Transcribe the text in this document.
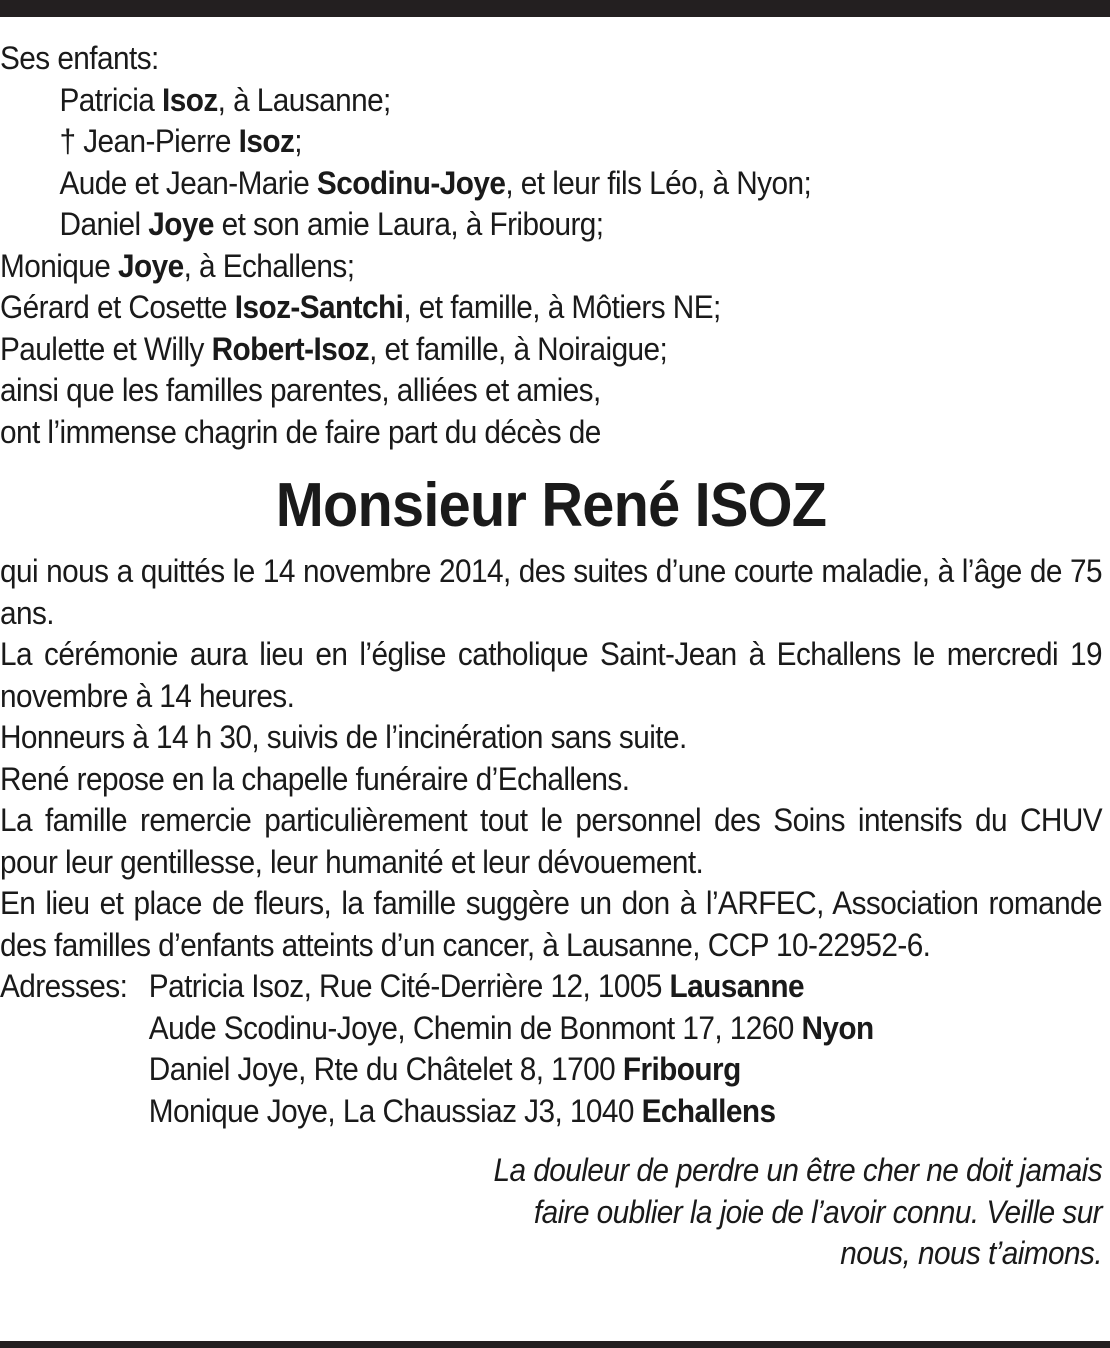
Ses enfants:
Patricia Isoz, à Lausanne;
† Jean-Pierre Isoz;
Aude et Jean-Marie Scodinu-Joye, et leur fils Léo, à Nyon;
Daniel Joye et son amie Laura, à Fribourg;
Monique Joye, à Echallens;
Gérard et Cosette Isoz-Santchi, et famille, à Môtiers NE;
Paulette et Willy Robert-Isoz, et famille, à Noiraigue;
ainsi que les familles parentes, alliées et amies,
ont l’immense chagrin de faire part du décès de
Monsieur René ISOZ
qui nous a quittés le 14 novembre 2014, des suites d’une courte maladie, à l’âge de 75 ans.
La cérémonie aura lieu en l’église catholique Saint-Jean à Echallens le mercredi 19 novembre à 14 heures.
Honneurs à 14 h 30, suivis de l’incinération sans suite.
René repose en la chapelle funéraire d’Echallens.
La famille remercie particulièrement tout le personnel des Soins intensifs du CHUV pour leur gentillesse, leur humanité et leur dévouement.
En lieu et place de fleurs, la famille suggère un don à l’ARFEC, Association romande des familles d’enfants atteints d’un cancer, à Lausanne, CCP 10-22952-6.
Adresses: Patricia Isoz, Rue Cité-Derrière 12, 1005 Lausanne
Aude Scodinu-Joye, Chemin de Bonmont 17, 1260 Nyon
Daniel Joye, Rte du Châtelet 8, 1700 Fribourg
Monique Joye, La Chaussiaz J3, 1040 Echallens
La douleur de perdre un être cher ne doit jamais
faire oublier la joie de l’avoir connu. Veille sur
nous, nous t’aimons.
